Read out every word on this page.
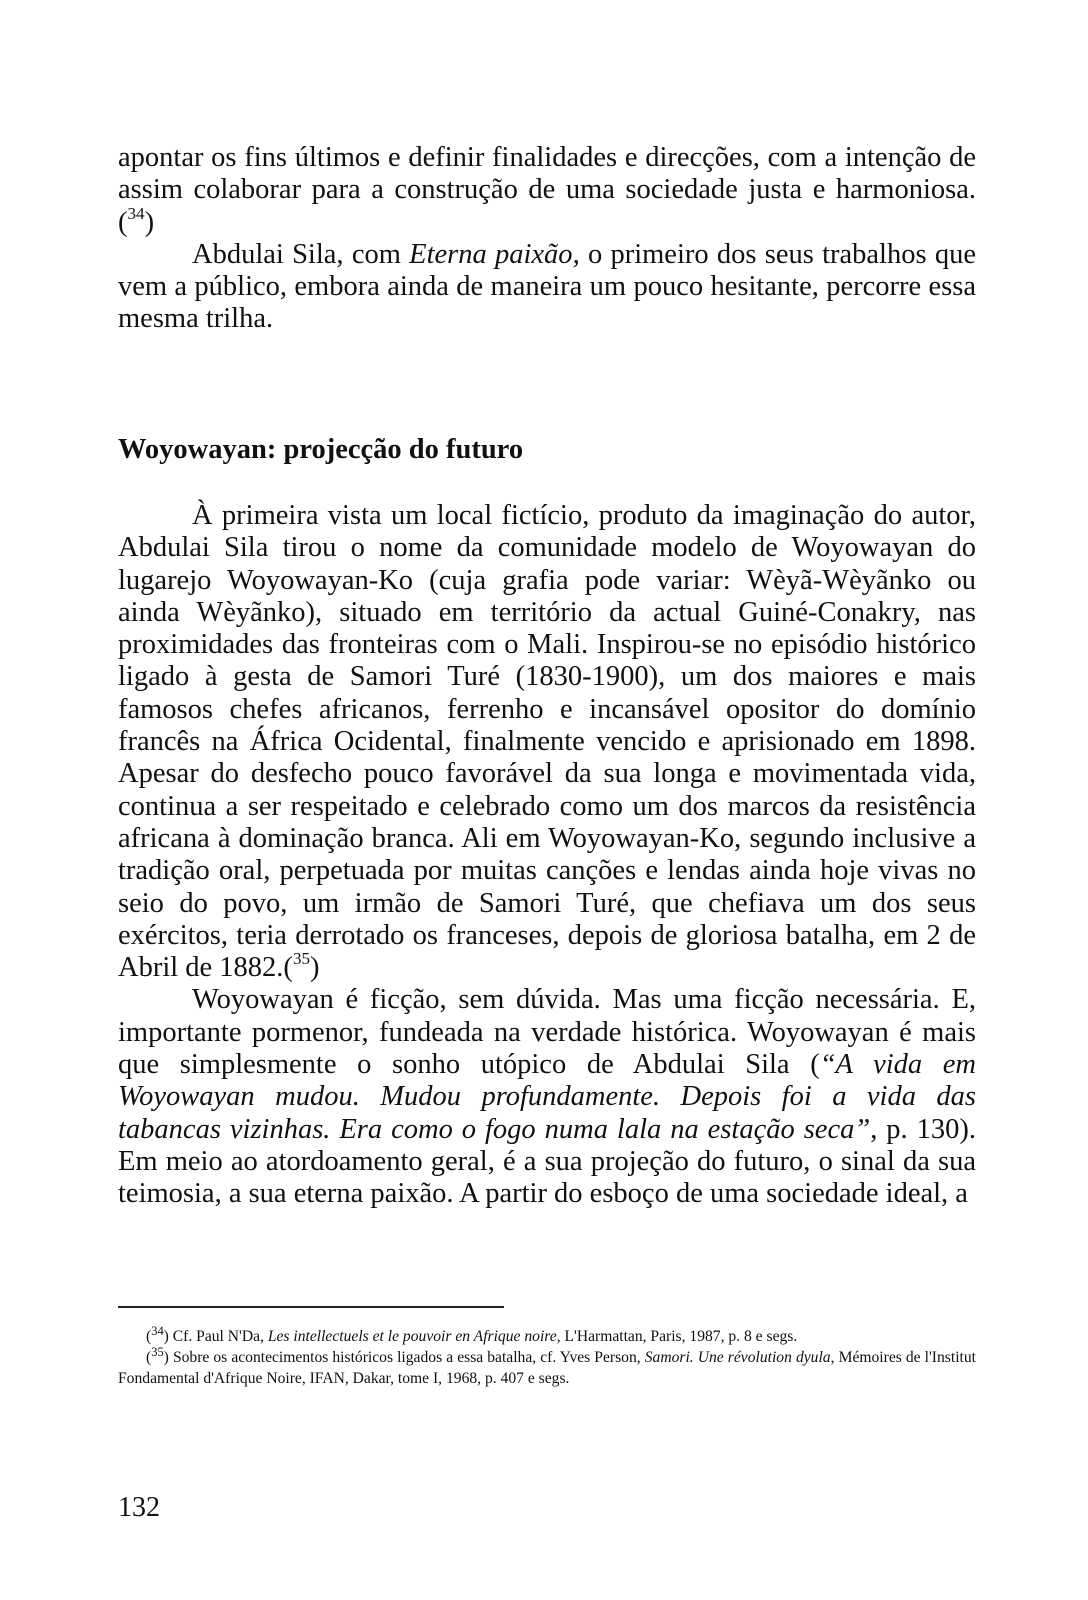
apontar os fins últimos e definir finalidades e direcções, com a intenção de assim colaborar para a construção de uma sociedade justa e harmoniosa.($^{34}$)

Abdulai Sila, com Eterna paixão, o primeiro dos seus trabalhos que vem a público, embora ainda de maneira um pouco hesitante, percorre essa mesma trilha.

Woyowayan: projecção do futuro

À primeira vista um local fictício, produto da imaginação do autor, Abdulai Sila tirou o nome da comunidade modelo de Woyowayan do lugarejo Woyowayan-Ko (cuja grafia pode variar: Wèyã-Wèyãnko ou ainda Wèyãnko), situado em território da actual Guiné-Conakry, nas proximidades das fronteiras com o Mali. Inspirou-se no episódio histórico ligado à gesta de Samori Turé (1830-1900), um dos maiores e mais famosos chefes africanos, ferrenho e incansável opositor do domínio francês na África Ocidental, finalmente vencido e aprisionado em 1898. Apesar do desfecho pouco favorável da sua longa e movimentada vida, continua a ser respeitado e celebrado como um dos marcos da resistência africana à dominação branca. Ali em Woyowayan-Ko, segundo inclusive a tradição oral, perpetuada por muitas canções e lendas ainda hoje vivas no seio do povo, um irmão de Samori Turé, que chefiava um dos seus exércitos, teria derrotado os franceses, depois de gloriosa batalha, em 2 de Abril de 1882.($^{35}$)

Woyowayan é ficção, sem dúvida. Mas uma ficção necessária. E, importante pormenor, fundeada na verdade histórica. Woyowayan é mais que simplesmente o sonho utópico de Abdulai Sila (“A vida em Woyowayan mudou. Mudou profundamente. Depois foi a vida das tabancas vizinhas. Era como o fogo numa lala na estação seca”, p. 130). Em meio ao atordoamento geral, é a sua projeção do futuro, o sinal da sua teimosia, a sua eterna paixão. A partir do esboço de uma sociedade ideal, a

($^{34}$) Cf. Paul N'Da, Les intellectuels et le pouvoir en Afrique noire, L'Harmattan, Paris, 1987, p. 8 e segs.

($^{35}$) Sobre os acontecimentos históricos ligados a essa batalha, cf. Yves Person, Samori. Une révolution dyula, Mémoires de l'Institut Fondamental d'Afrique Noire, IFAN, Dakar, tome I, 1968, p. 407 e segs.

132
